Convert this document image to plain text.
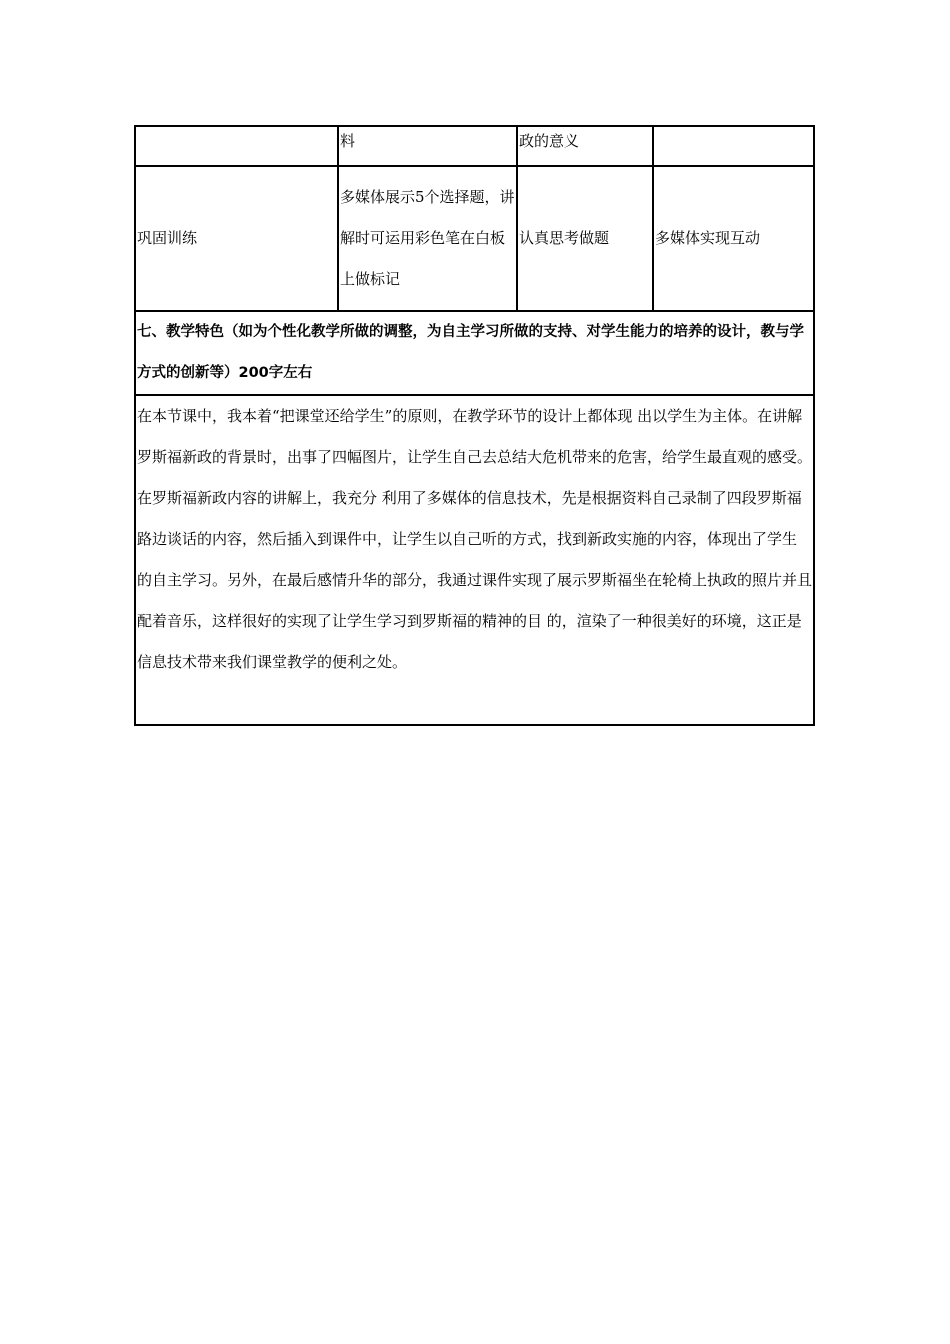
	料	政的意义	
巩固训练	多媒体展示5个选择题，讲解时可运用彩色笔在白板上做标记	认真思考做题	多媒体实现互动
七、教学特色（如为个性化教学所做的调整，为自主学习所做的支持、对学生能力的培养的设计，教与学方式的创新等）200字左右			
在本节课中，我本着“把课堂还给学生”的原则，在教学环节的设计上都体现 出以学生为主体。在讲解罗斯福新政的背景时，出事了四幅图片，让学生自己去总结大危机带来的危害，给学生最直观的感受。在罗斯福新政内容的讲解上，我充分 利用了多媒体的信息技术，先是根据资料自己录制了四段罗斯福路边谈话的内容，然后插入到课件中，让学生以自己听的方式，找到新政实施的内容，体现出了学生 的自主学习。另外，在最后感情升华的部分，我通过课件实现了展示罗斯福坐在轮椅上执政的照片并且配着音乐，这样很好的实现了让学生学习到罗斯福的精神的目 的，渲染了一种很美好的环境，这正是信息技术带来我们课堂教学的便利之处。			
